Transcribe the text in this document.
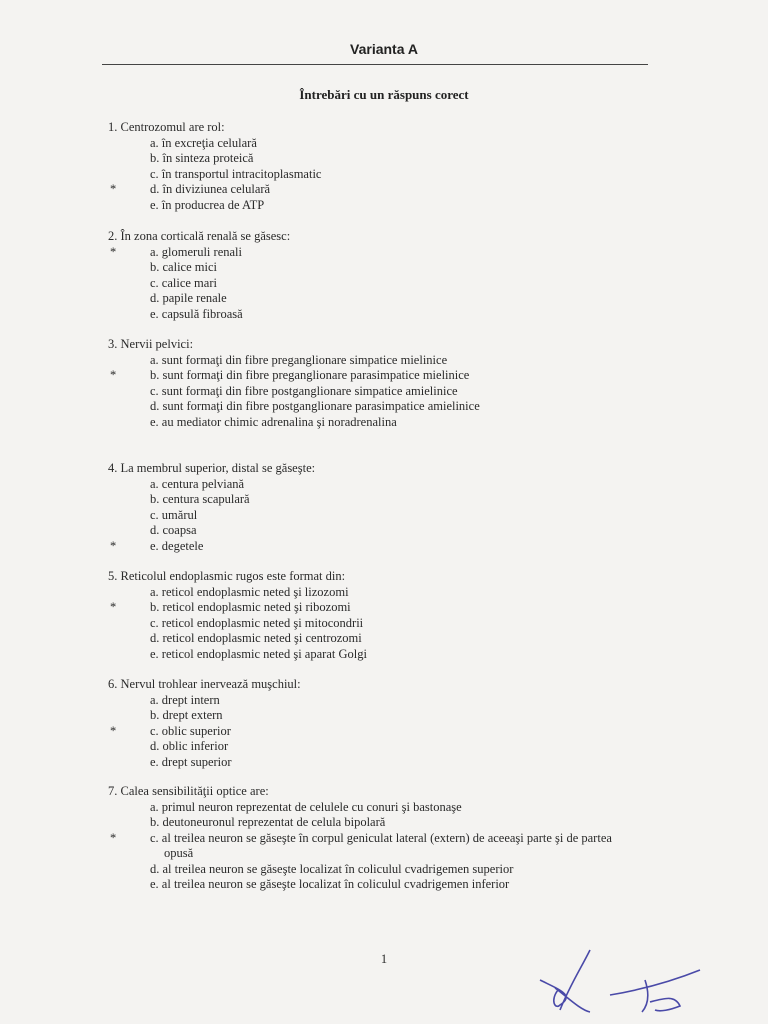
Varianta A
Întrebări cu un răspuns corect
1. Centrozomul are rol:
a. în excreţia celulară
b. în sinteza proteică
c. în transportul intracitoplasmatic
d. în diviziunea celulară
*
e. în producrea de ATP
2. În zona corticală renală se găsesc:
a. glomeruli renali
*
b. calice mici
c. calice mari
d. papile renale
e. capsulă fibroasă
3. Nervii pelvici:
a. sunt formaţi din fibre preganglionare simpatice mielinice
b. sunt formaţi din fibre preganglionare parasimpatice mielinice
*
c. sunt formaţi din fibre postganglionare simpatice amielinice
d. sunt formaţi din fibre postganglionare parasimpatice amielinice
e. au mediator chimic adrenalina şi noradrenalina
4. La membrul superior, distal se găseşte:
a. centura pelviană
b. centura scapulară
c. umărul
d. coapsa
e. degetele
*
5. Reticolul endoplasmic rugos este format din:
a. reticol endoplasmic neted şi lizozomi
b. reticol endoplasmic neted şi ribozomi
*
c. reticol endoplasmic neted şi mitocondrii
d. reticol endoplasmic neted şi centrozomi
e. reticol endoplasmic neted şi aparat Golgi
6. Nervul trohlear inervează muşchiul:
a. drept intern
b. drept extern
c. oblic superior
*
d. oblic inferior
e. drept superior
7. Calea sensibilităţii optice are:
a. primul neuron reprezentat de celulele cu conuri şi bastonaşe
b. deutoneuronul reprezentat de celula bipolară
c. al treilea neuron se găseşte în corpul geniculat lateral (extern) de aceeaşi parte şi de partea
*
opusă
d. al treilea neuron se găseşte localizat în coliculul cvadrigemen superior
e. al treilea neuron se găseşte localizat în coliculul cvadrigemen inferior
1
